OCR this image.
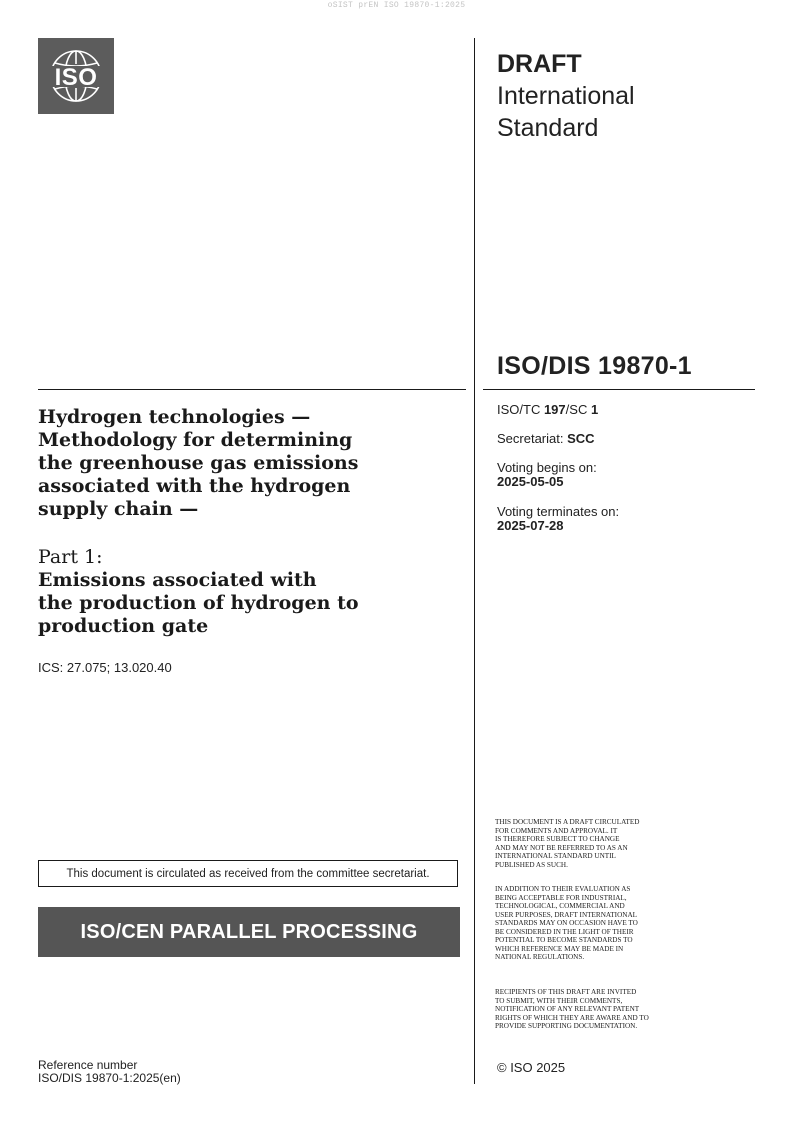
oSIST prEN ISO 19870-1:2025
ISO	DRAFT
International
Standard
ISO/DIS 19870-1
ISO/TC 197/SC 1
Secretariat: SCC
Voting begins on:
2025-05-05
Voting terminates on:
2025-07-28
Hydrogen technologies —
Methodology for determining
the greenhouse gas emissions
associated with the hydrogen
supply chain —
Part 1:
Emissions associated with
the production of hydrogen to
production gate
ICS: 27.075; 13.020.40
This document is circulated as received from the committee secretariat.
ISO/CEN PARALLEL PROCESSING
THIS DOCUMENT IS A DRAFT CIRCULATED
FOR COMMENTS AND APPROVAL. IT
IS THEREFORE SUBJECT TO CHANGE
AND MAY NOT BE REFERRED TO AS AN
INTERNATIONAL STANDARD UNTIL
PUBLISHED AS SUCH.
IN ADDITION TO THEIR EVALUATION AS
BEING ACCEPTABLE FOR INDUSTRIAL,
TECHNOLOGICAL, COMMERCIAL AND
USER PURPOSES, DRAFT INTERNATIONAL
STANDARDS MAY ON OCCASION HAVE TO
BE CONSIDERED IN THE LIGHT OF THEIR
POTENTIAL TO BECOME STANDARDS TO
WHICH REFERENCE MAY BE MADE IN
NATIONAL REGULATIONS.
RECIPIENTS OF THIS DRAFT ARE INVITED
TO SUBMIT, WITH THEIR COMMENTS,
NOTIFICATION OF ANY RELEVANT PATENT
RIGHTS OF WHICH THEY ARE AWARE AND TO
PROVIDE SUPPORTING DOCUMENTATION.
© ISO 2025
Reference number
ISO/DIS 19870-1:2025(en)
